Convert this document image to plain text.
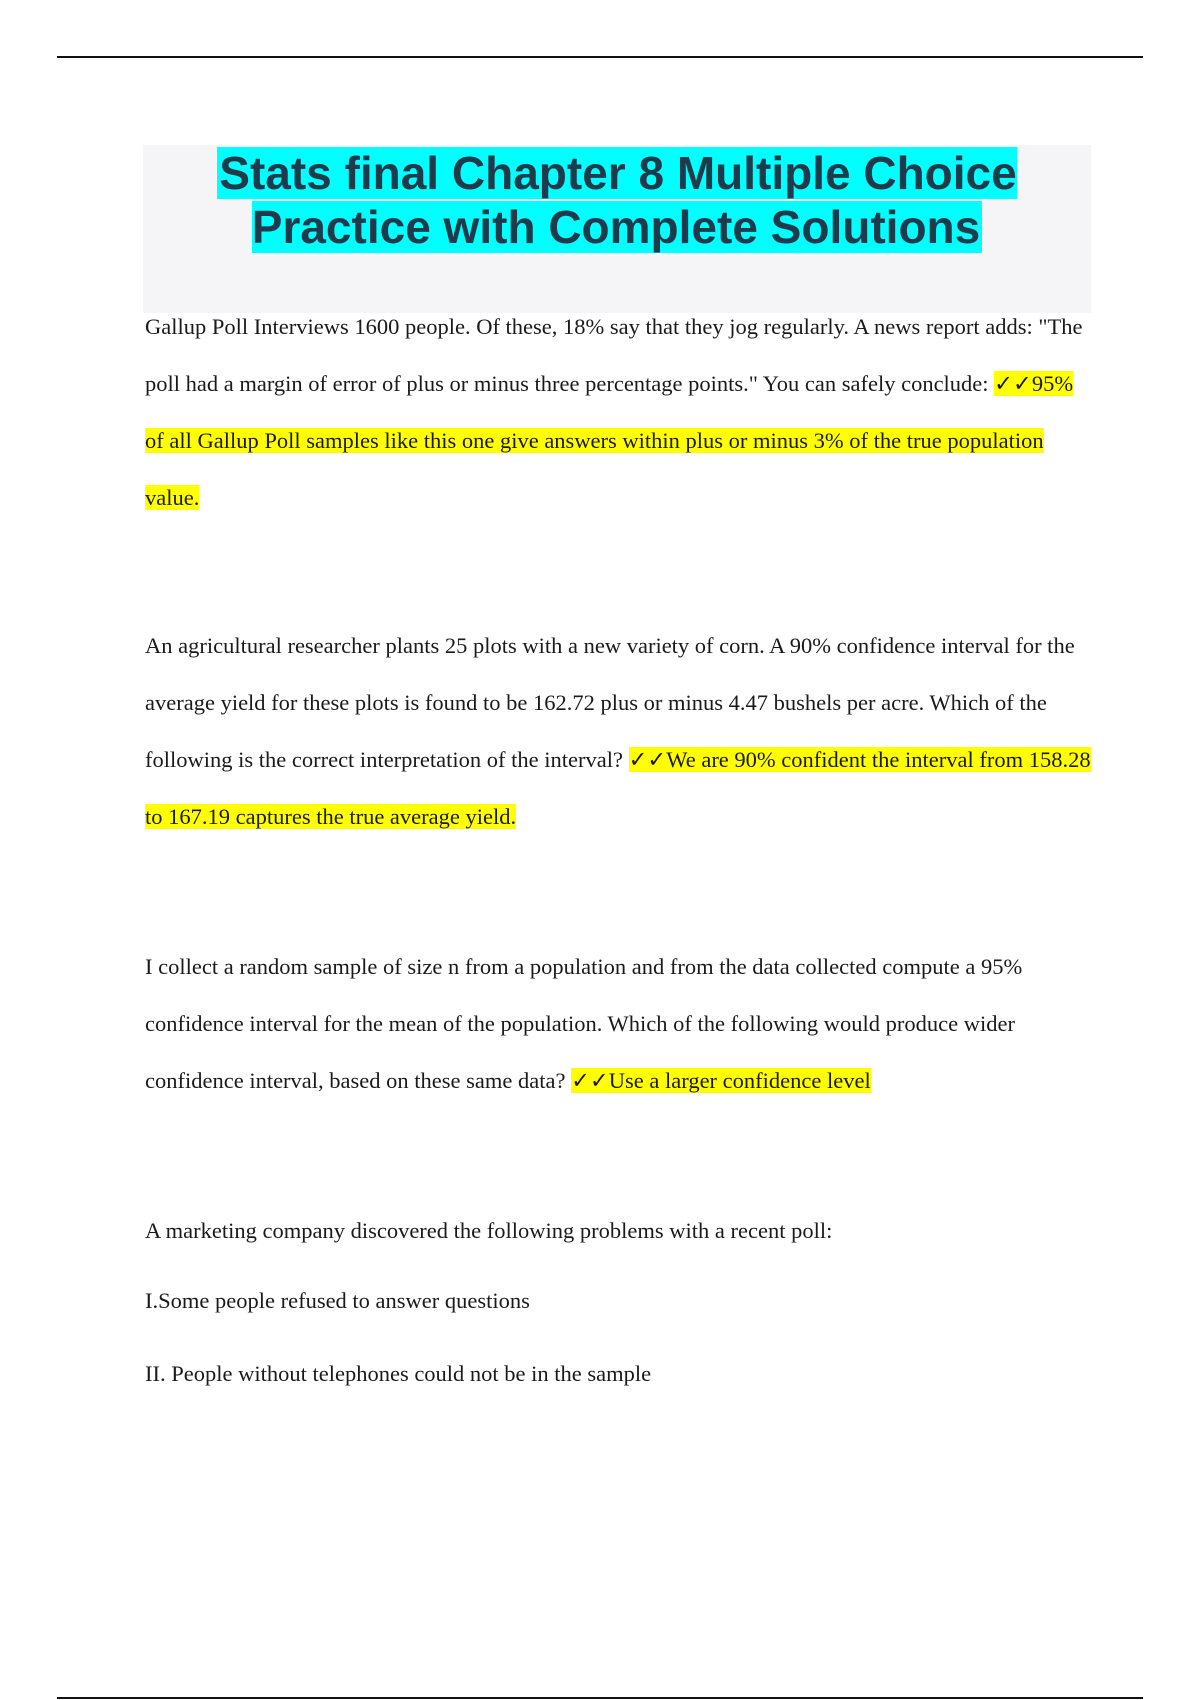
Stats final Chapter 8 Multiple Choice Practice with Complete Solutions

Gallup Poll Interviews 1600 people. Of these, 18% say that they jog regularly. A news report adds: "The poll had a margin of error of plus or minus three percentage points." You can safely conclude: ✓✓95% of all Gallup Poll samples like this one give answers within plus or minus 3% of the true population value.

An agricultural researcher plants 25 plots with a new variety of corn. A 90% confidence interval for the average yield for these plots is found to be 162.72 plus or minus 4.47 bushels per acre. Which of the following is the correct interpretation of the interval? ✓✓We are 90% confident the interval from 158.28 to 167.19 captures the true average yield.

I collect a random sample of size n from a population and from the data collected compute a 95% confidence interval for the mean of the population. Which of the following would produce wider confidence interval, based on these same data? ✓✓Use a larger confidence level

A marketing company discovered the following problems with a recent poll:

I.Some people refused to answer questions

II. People without telephones could not be in the sample
